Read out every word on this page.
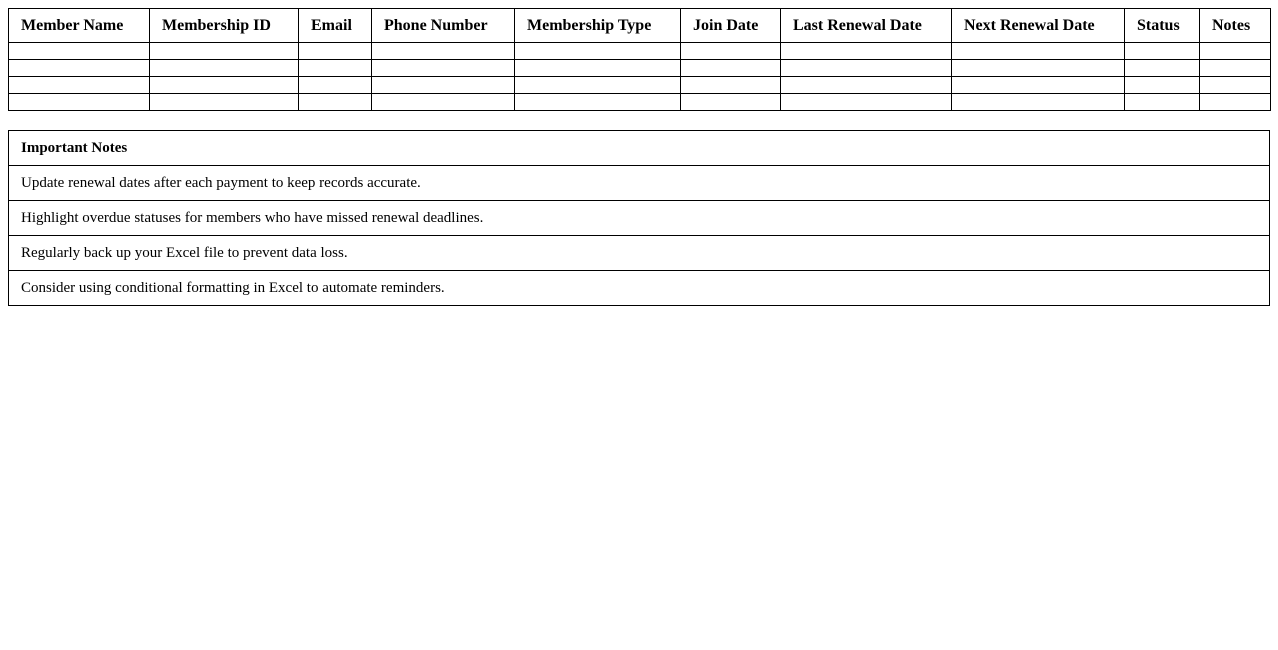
Member Name	Membership ID	Email	Phone Number	Membership Type	Join Date	Last Renewal Date	Next Renewal Date	Status	Notes

Important Notes
Update renewal dates after each payment to keep records accurate.
Highlight overdue statuses for members who have missed renewal deadlines.
Regularly back up your Excel file to prevent data loss.
Consider using conditional formatting in Excel to automate reminders.
